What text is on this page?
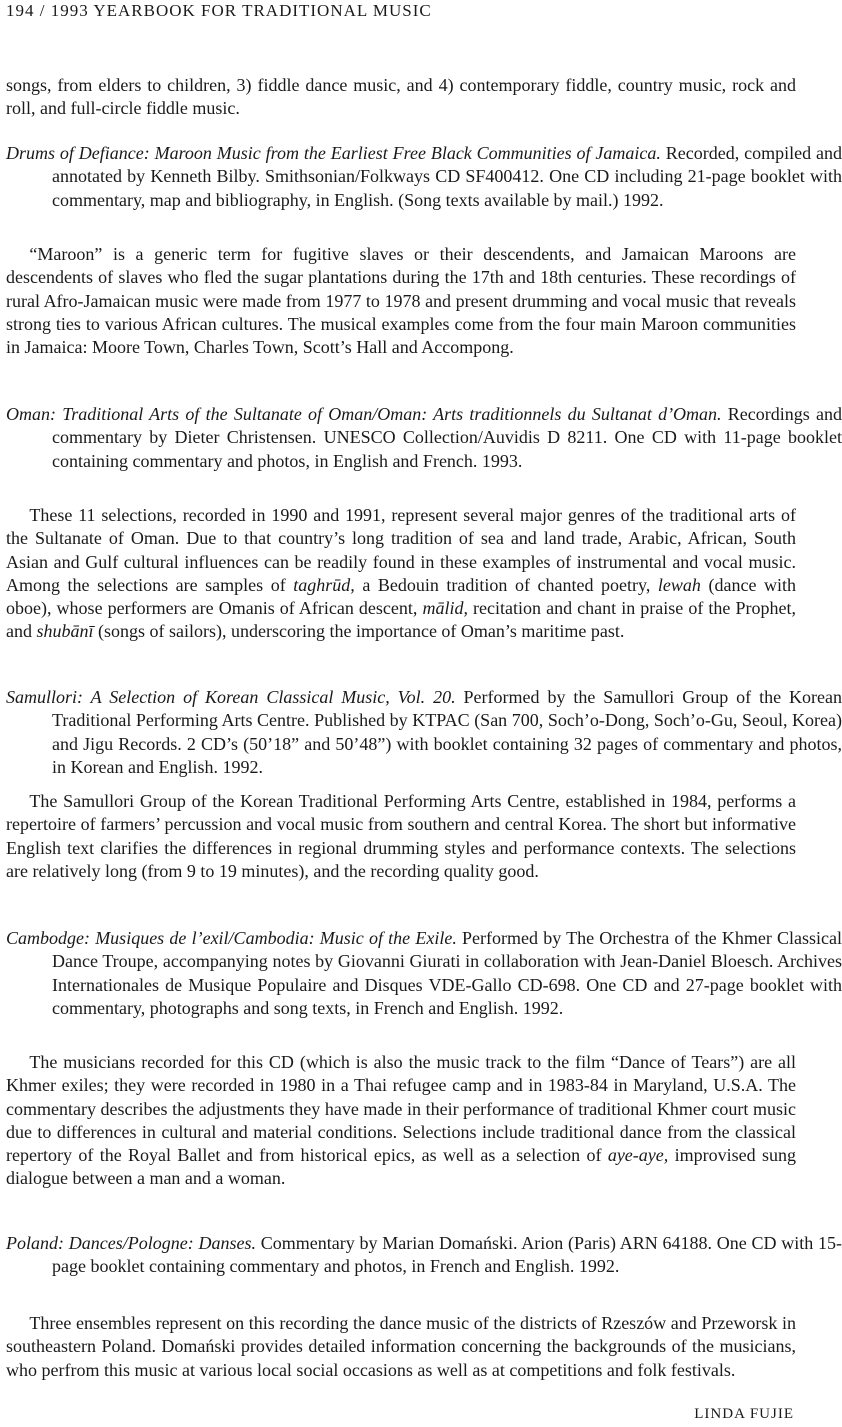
194 / 1993 YEARBOOK FOR TRADITIONAL MUSIC

songs, from elders to children, 3) fiddle dance music, and 4) contemporary fiddle, country music, rock and roll, and full-circle fiddle music.

Drums of Defiance: Maroon Music from the Earliest Free Black Communities of Jamaica. Recorded, compiled and annotated by Kenneth Bilby. Smithsonian/Folkways CD SF400412. One CD including 21-page booklet with commentary, map and bibliography, in English. (Song texts available by mail.) 1992.

“Maroon” is a generic term for fugitive slaves or their descendents, and Jamaican Maroons are descendents of slaves who fled the sugar plantations during the 17th and 18th centuries. These recordings of rural Afro-Jamaican music were made from 1977 to 1978 and present drumming and vocal music that reveals strong ties to various African cultures. The musical examples come from the four main Maroon communities in Jamaica: Moore Town, Charles Town, Scott’s Hall and Accompong.

Oman: Traditional Arts of the Sultanate of Oman/Oman: Arts traditionnels du Sultanat d’Oman. Recordings and commentary by Dieter Christensen. UNESCO Collection/Auvidis D 8211. One CD with 11-page booklet containing commentary and photos, in English and French. 1993.

These 11 selections, recorded in 1990 and 1991, represent several major genres of the traditional arts of the Sultanate of Oman. Due to that country’s long tradition of sea and land trade, Arabic, African, South Asian and Gulf cultural influences can be readily found in these examples of instrumental and vocal music. Among the selections are samples of taghrūd, a Bedouin tradition of chanted poetry, lewah (dance with oboe), whose performers are Omanis of African descent, mālid, recitation and chant in praise of the Prophet, and shubānī (songs of sailors), underscoring the importance of Oman’s maritime past.

Samullori: A Selection of Korean Classical Music, Vol. 20. Performed by the Samullori Group of the Korean Traditional Performing Arts Centre. Published by KTPAC (San 700, Soch’o-Dong, Soch’o-Gu, Seoul, Korea) and Jigu Records. 2 CD’s (50’18” and 50’48”) with booklet containing 32 pages of commentary and photos, in Korean and English. 1992.

The Samullori Group of the Korean Traditional Performing Arts Centre, established in 1984, performs a repertoire of farmers’ percussion and vocal music from southern and central Korea. The short but informative English text clarifies the differences in regional drumming styles and performance contexts. The selections are relatively long (from 9 to 19 minutes), and the recording quality good.

Cambodge: Musiques de l’exil/Cambodia: Music of the Exile. Performed by The Orchestra of the Khmer Classical Dance Troupe, accompanying notes by Giovanni Giurati in collaboration with Jean-Daniel Bloesch. Archives Internationales de Musique Populaire and Disques VDE-Gallo CD-698. One CD and 27-page booklet with commentary, photographs and song texts, in French and English. 1992.

The musicians recorded for this CD (which is also the music track to the film “Dance of Tears”) are all Khmer exiles; they were recorded in 1980 in a Thai refugee camp and in 1983-84 in Maryland, U.S.A. The commentary describes the adjustments they have made in their performance of traditional Khmer court music due to differences in cultural and material conditions. Selections include traditional dance from the classical repertory of the Royal Ballet and from historical epics, as well as a selection of aye-aye, improvised sung dialogue between a man and a woman.

Poland: Dances/Pologne: Danses. Commentary by Marian Domański. Arion (Paris) ARN 64188. One CD with 15-page booklet containing commentary and photos, in French and English. 1992.

Three ensembles represent on this recording the dance music of the districts of Rzeszów and Przeworsk in southeastern Poland. Domański provides detailed information concerning the backgrounds of the musicians, who perfrom this music at various local social occasions as well as at competitions and folk festivals.

LINDA FUJIE
